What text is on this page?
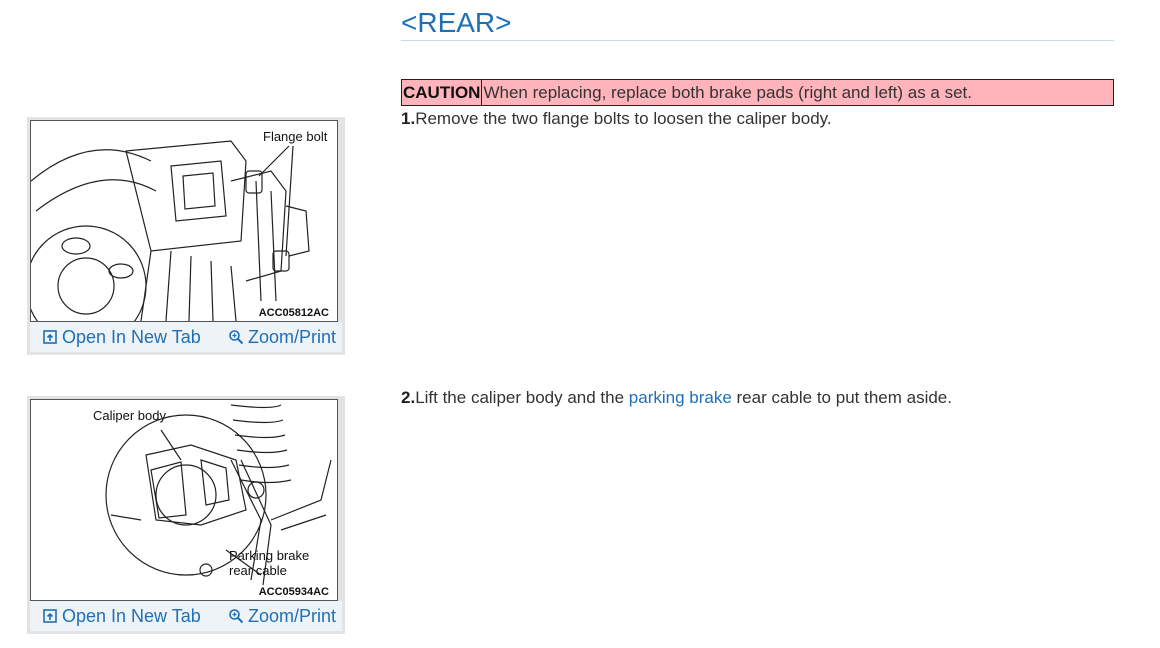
<REAR>
CAUTION When replacing, replace both brake pads (right and left) as a set.
1.Remove the two flange bolts to loosen the caliper body.
2.Lift the caliper body and the parking brake rear cable to put them aside.
Flange bolt
ACC05812AC
Open In New Tab	Zoom/Print
Caliper body
Parking brake
rear cable
ACC05934AC
Open In New Tab	Zoom/Print
